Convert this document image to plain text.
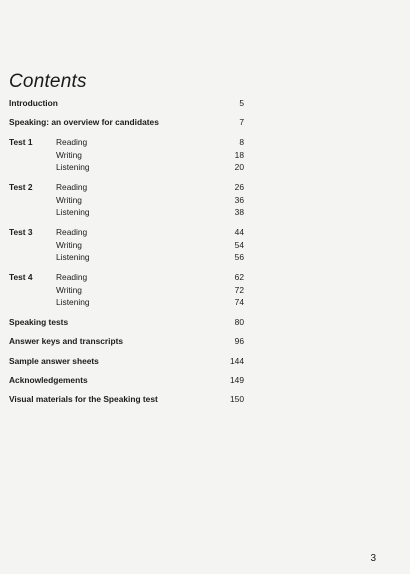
Contents
Introduction	5
Speaking: an overview for candidates	7
Test 1	Reading	8
Writing	18
Listening	20
Test 2	Reading	26
Writing	36
Listening	38
Test 3	Reading	44
Writing	54
Listening	56
Test 4	Reading	62
Writing	72
Listening	74
Speaking tests	80
Answer keys and transcripts	96
Sample answer sheets	144
Acknowledgements	149
Visual materials for the Speaking test	150
3
